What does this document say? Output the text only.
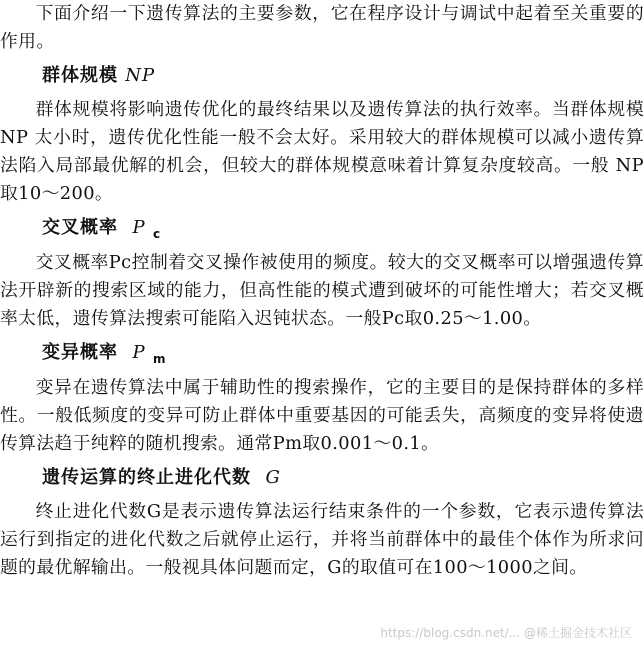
下面介绍一下遗传算法的主要参数，它在程序设计与调试中起着至关重要的作用。

群体规模 NP

群体规模将影响遗传优化的最终结果以及遗传算法的执行效率。当群体规模NP 太小时，遗传优化性能一般不会太好。采用较大的群体规模可以减小遗传算法陷入局部最优解的机会，但较大的群体规模意味着计算复杂度较高。一般 NP取10～200。

交叉概率 P $_c$

交叉概率Pc控制着交叉操作被使用的频度。较大的交叉概率可以增强遗传算法开辟新的搜索区域的能力，但高性能的模式遭到破坏的可能性增大；若交叉概率太低，遗传算法搜索可能陷入迟钝状态。一般Pc取0.25～1.00。

变异概率 P $_m$

变异在遗传算法中属于辅助性的搜索操作，它的主要目的是保持群体的多样性。一般低频度的变异可防止群体中重要基因的可能丢失，高频度的变异将使遗传算法趋于纯粹的随机搜索。通常Pm取0.001～0.1。

遗传运算的终止进化代数 G

终止进化代数G是表示遗传算法运行结束条件的一个参数，它表示遗传算法运行到指定的进化代数之后就停止运行，并将当前群体中的最佳个体作为所求问题的最优解输出。一般视具体问题而定，G的取值可在100～1000之间。

https://blog.csdn.net/... @稀土掘金技术社区
